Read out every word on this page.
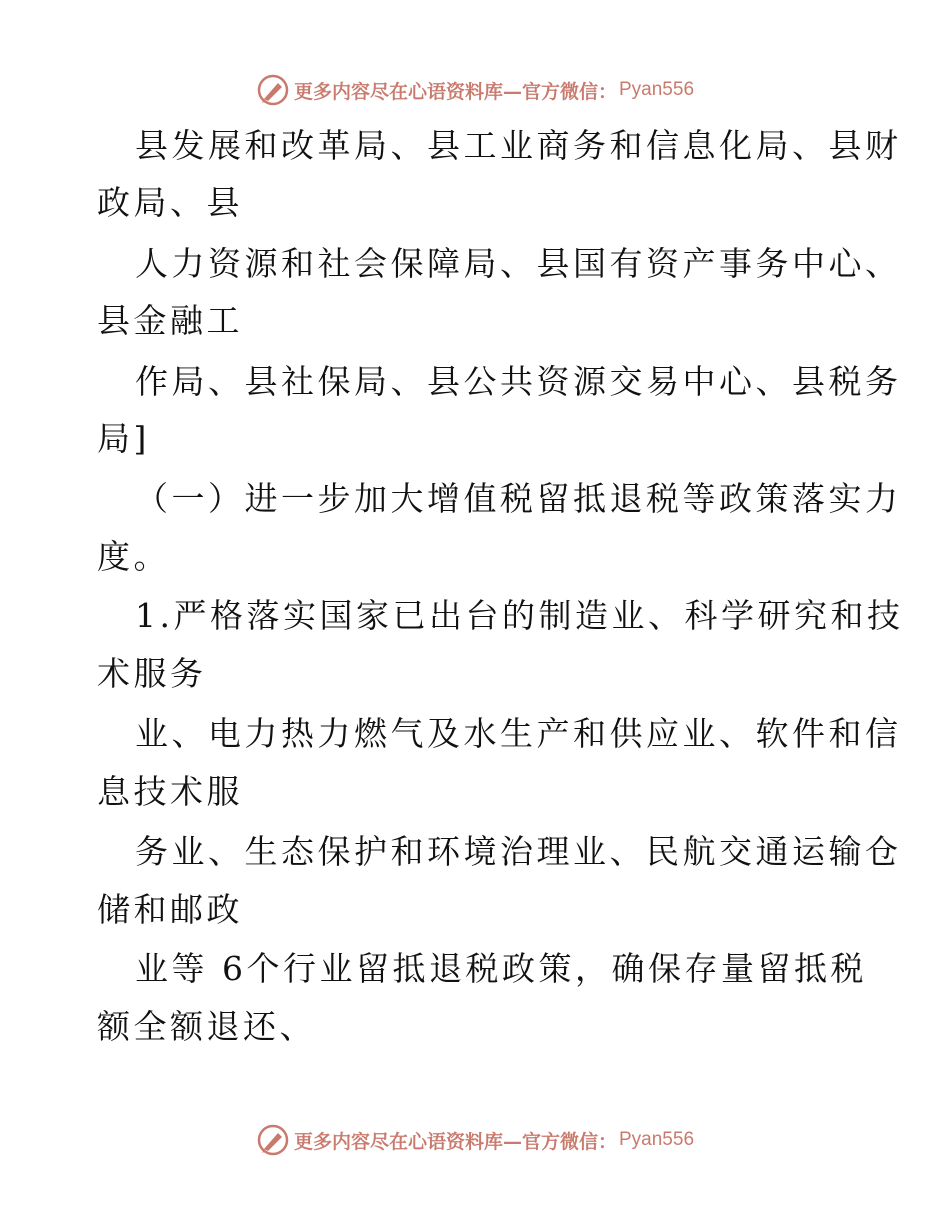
更多内容尽在心语资料库—官方微信： Pyan556
县发展和改革局、县工业商务和信息化局、县财
政局、县
人力资源和社会保障局、县国有资产事务中心、
县金融工
作局、县社保局、县公共资源交易中心、县税务
局]
（一）进一步加大增值税留抵退税等政策落实力
度。
1.严格落实国家已出台的制造业、科学研究和技
术服务
业、电力热力燃气及水生产和供应业、软件和信
息技术服
务业、生态保护和环境治理业、民航交通运输仓
储和邮政
业等 6个行业留抵退税政策，确保存量留抵税
额全额退还、
更多内容尽在心语资料库—官方微信： Pyan556
